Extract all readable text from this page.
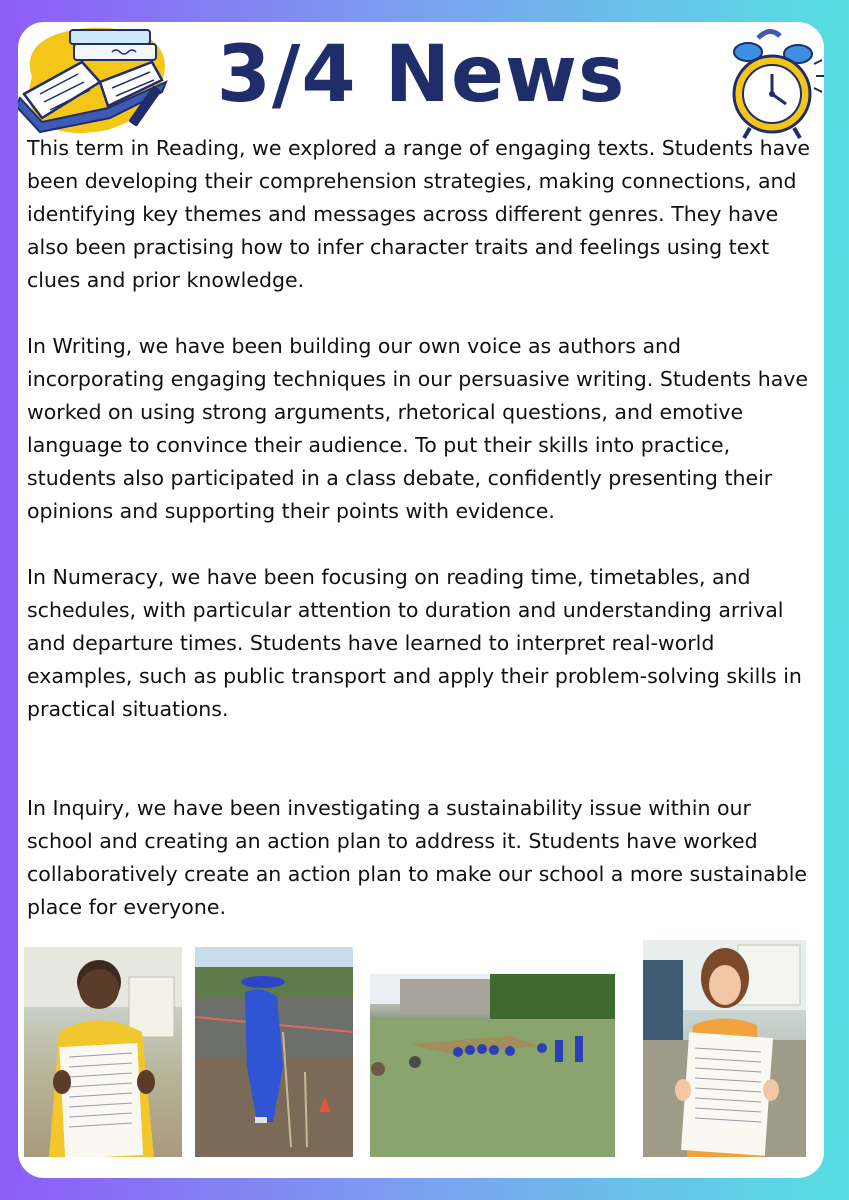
3/4 News

This term in Reading, we explored a range of engaging texts. Students have been developing their comprehension strategies, making connections, and identifying key themes and messages across different genres. They have also been practising how to infer character traits and feelings using text clues and prior knowledge.

In Writing, we have been building our own voice as authors and incorporating engaging techniques in our persuasive writing. Students have worked on using strong arguments, rhetorical questions, and emotive language to convince their audience. To put their skills into practice, students also participated in a class debate, confidently presenting their opinions and supporting their points with evidence.

In Numeracy, we have been focusing on reading time, timetables, and schedules, with particular attention to duration and understanding arrival and departure times. Students have learned to interpret real-world examples, such as public transport and apply their problem-solving skills in practical situations.

In Inquiry, we have been investigating a sustainability issue within our school and creating an action plan to address it. Students have worked collaboratively create an action plan to make our school a more sustainable place for everyone.
